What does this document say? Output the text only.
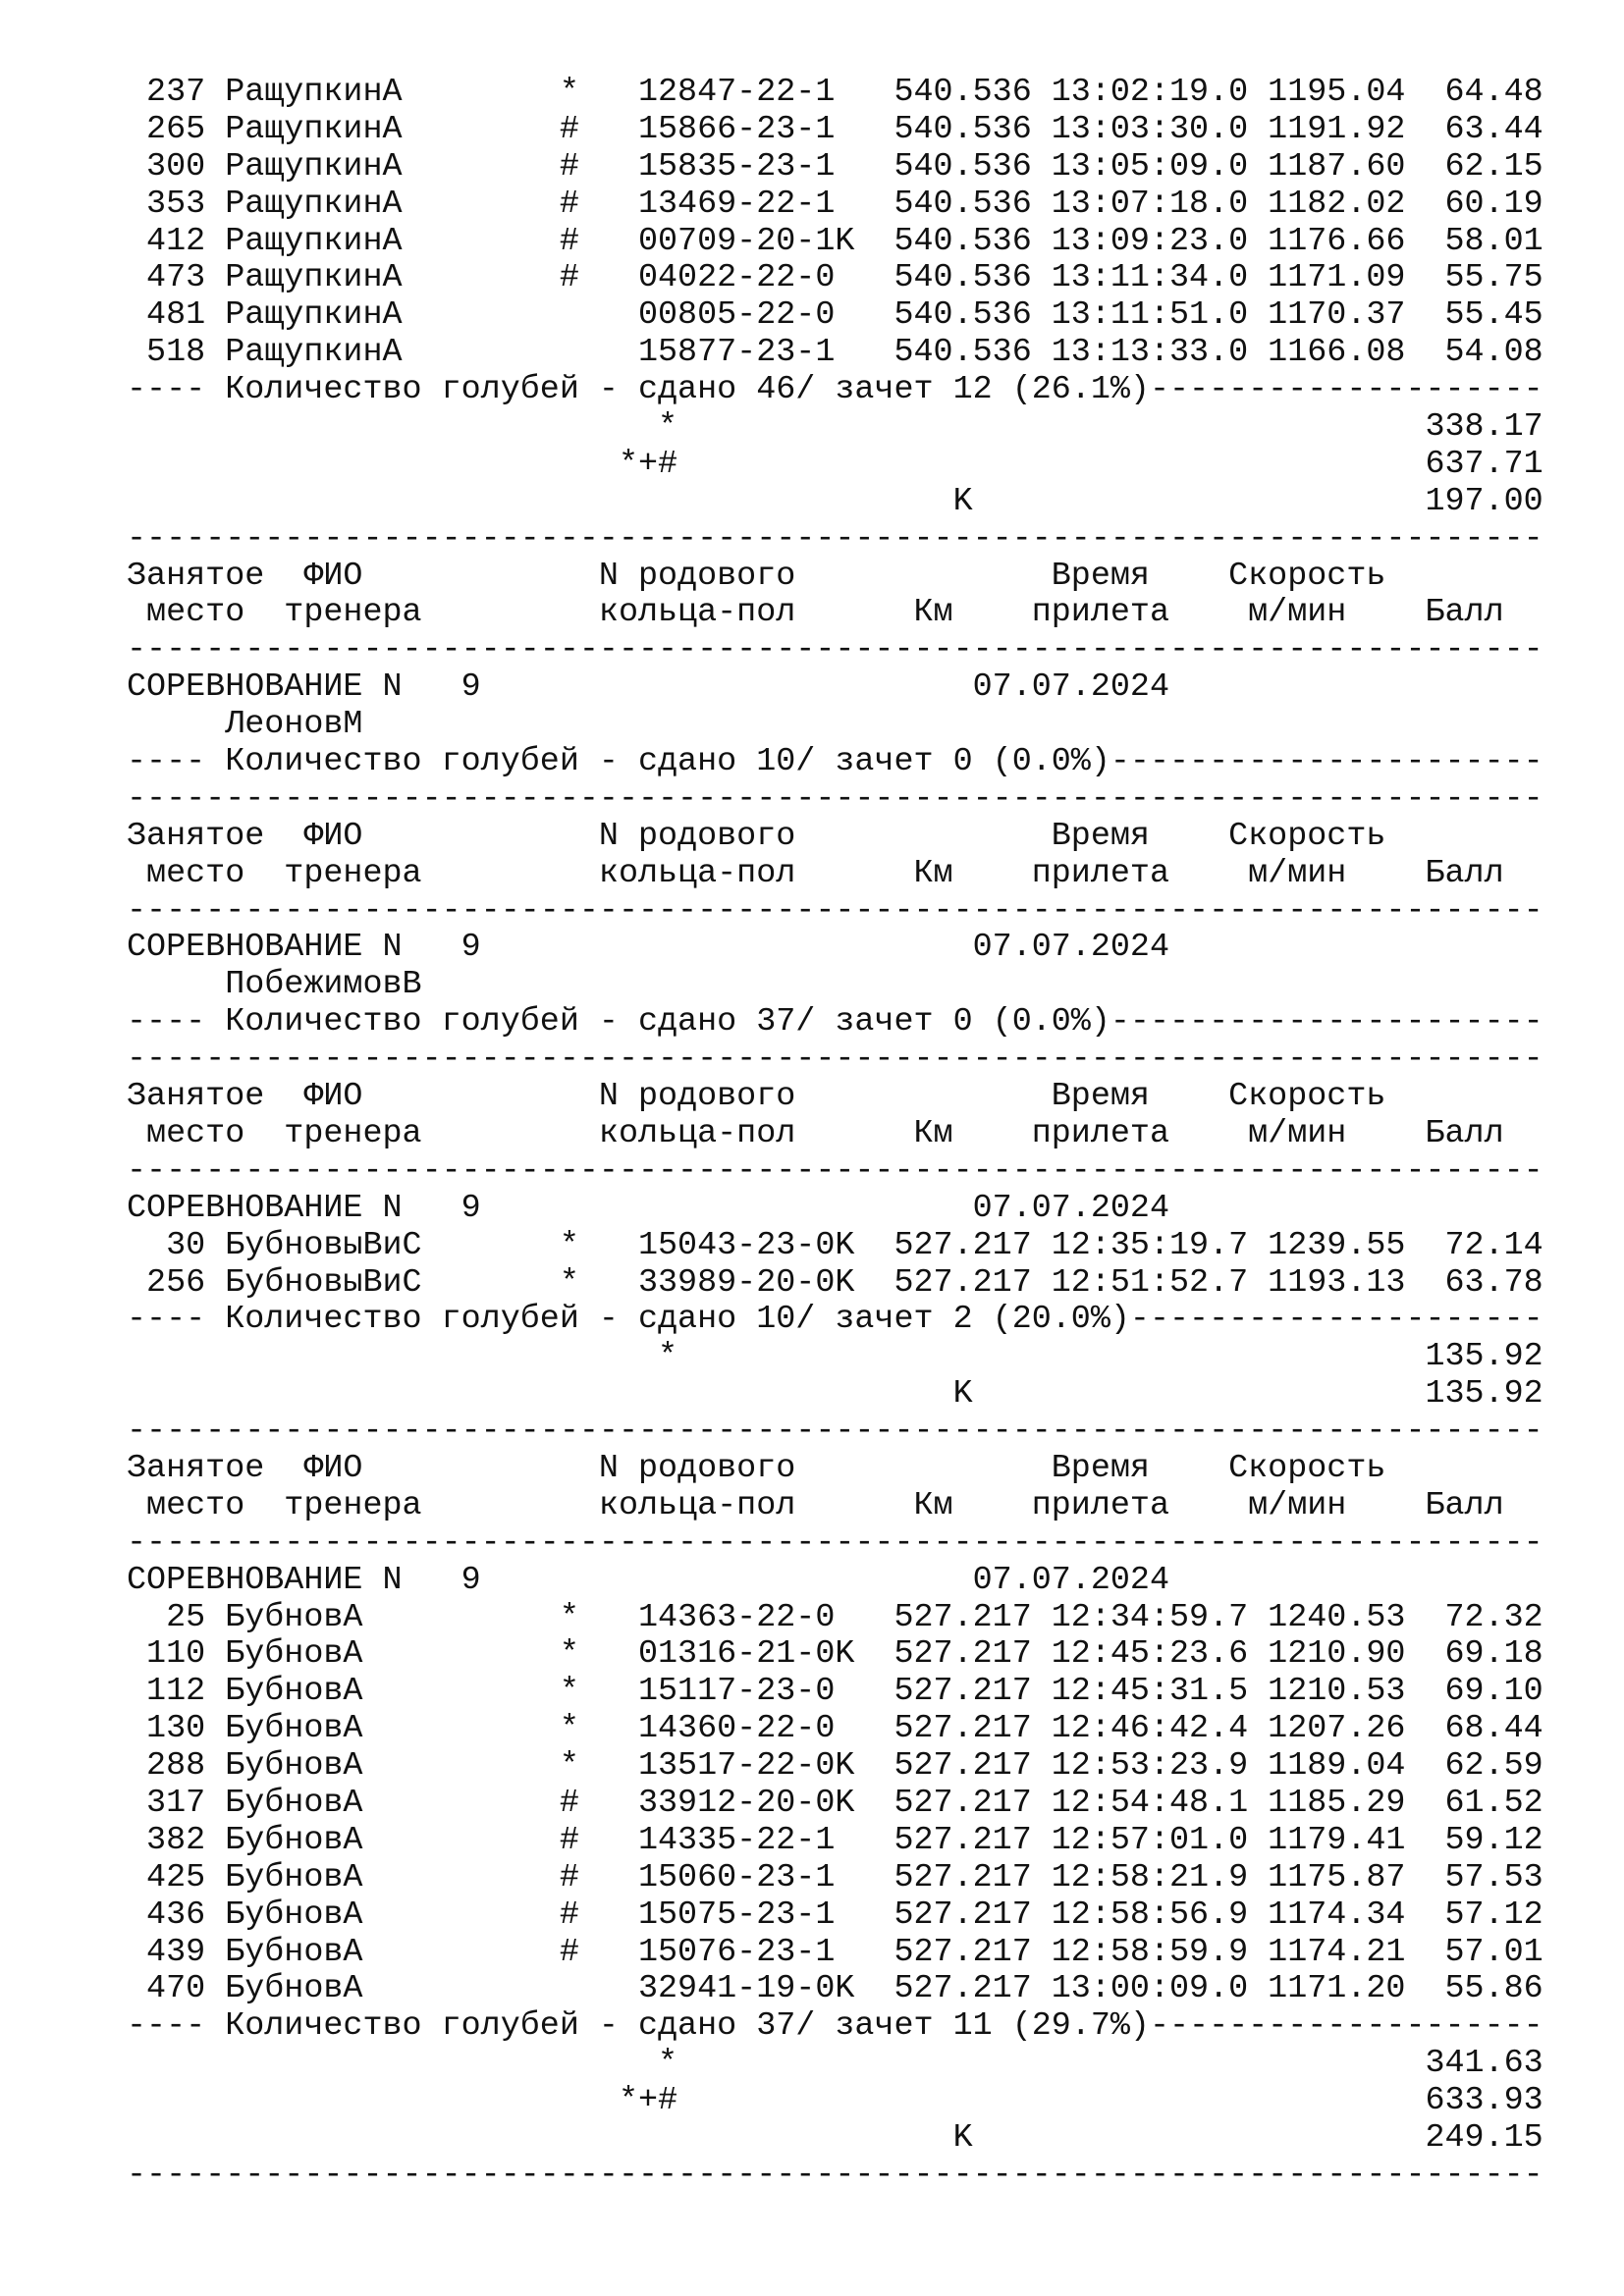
237 РащупкинА        *   12847-22-1   540.536 13:02:19.0 1195.04  64.48
265 РащупкинА        #   15866-23-1   540.536 13:03:30.0 1191.92  63.44
300 РащупкинА        #   15835-23-1   540.536 13:05:09.0 1187.60  62.15
353 РащупкинА        #   13469-22-1   540.536 13:07:18.0 1182.02  60.19
412 РащупкинА        #   00709-20-1K  540.536 13:09:23.0 1176.66  58.01
473 РащупкинА        #   04022-22-0   540.536 13:11:34.0 1171.09  55.75
481 РащупкинА            00805-22-0   540.536 13:11:51.0 1170.37  55.45
518 РащупкинА            15877-23-1   540.536 13:13:33.0 1166.08  54.08
---- Количество голубей - сдано 46/ зачет 12 (26.1%)--------------------
*                                      338.17
*+#                                      637.71
K                       197.00
------------------------------------------------------------------------
Занятое  ФИО            N родового             Время    Скорость
место  тренера         кольца-пол      Км    прилета    м/мин    Балл
------------------------------------------------------------------------
СОРЕВНОВАНИЕ N   9                         07.07.2024
ЛеоновМ
---- Количество голубей - сдано 10/ зачет 0 (0.0%)----------------------
------------------------------------------------------------------------
Занятое  ФИО            N родового             Время    Скорость
место  тренера         кольца-пол      Км    прилета    м/мин    Балл
------------------------------------------------------------------------
СОРЕВНОВАНИЕ N   9                         07.07.2024
ПобежимовВ
---- Количество голубей - сдано 37/ зачет 0 (0.0%)----------------------
------------------------------------------------------------------------
Занятое  ФИО            N родового             Время    Скорость
место  тренера         кольца-пол      Км    прилета    м/мин    Балл
------------------------------------------------------------------------
СОРЕВНОВАНИЕ N   9                         07.07.2024
30 БубновыВиС       *   15043-23-0K  527.217 12:35:19.7 1239.55  72.14
256 БубновыВиС       *   33989-20-0K  527.217 12:51:52.7 1193.13  63.78
---- Количество голубей - сдано 10/ зачет 2 (20.0%)---------------------
*                                      135.92
K                       135.92
------------------------------------------------------------------------
Занятое  ФИО            N родового             Время    Скорость
место  тренера         кольца-пол      Км    прилета    м/мин    Балл
------------------------------------------------------------------------
СОРЕВНОВАНИЕ N   9                         07.07.2024
25 БубновА          *   14363-22-0   527.217 12:34:59.7 1240.53  72.32
110 БубновА          *   01316-21-0K  527.217 12:45:23.6 1210.90  69.18
112 БубновА          *   15117-23-0   527.217 12:45:31.5 1210.53  69.10
130 БубновА          *   14360-22-0   527.217 12:46:42.4 1207.26  68.44
288 БубновА          *   13517-22-0K  527.217 12:53:23.9 1189.04  62.59
317 БубновА          #   33912-20-0K  527.217 12:54:48.1 1185.29  61.52
382 БубновА          #   14335-22-1   527.217 12:57:01.0 1179.41  59.12
425 БубновА          #   15060-23-1   527.217 12:58:21.9 1175.87  57.53
436 БубновА          #   15075-23-1   527.217 12:58:56.9 1174.34  57.12
439 БубновА          #   15076-23-1   527.217 12:58:59.9 1174.21  57.01
470 БубновА              32941-19-0K  527.217 13:00:09.0 1171.20  55.86
---- Количество голубей - сдано 37/ зачет 11 (29.7%)--------------------
*                                      341.63
*+#                                      633.93
K                       249.15
------------------------------------------------------------------------
